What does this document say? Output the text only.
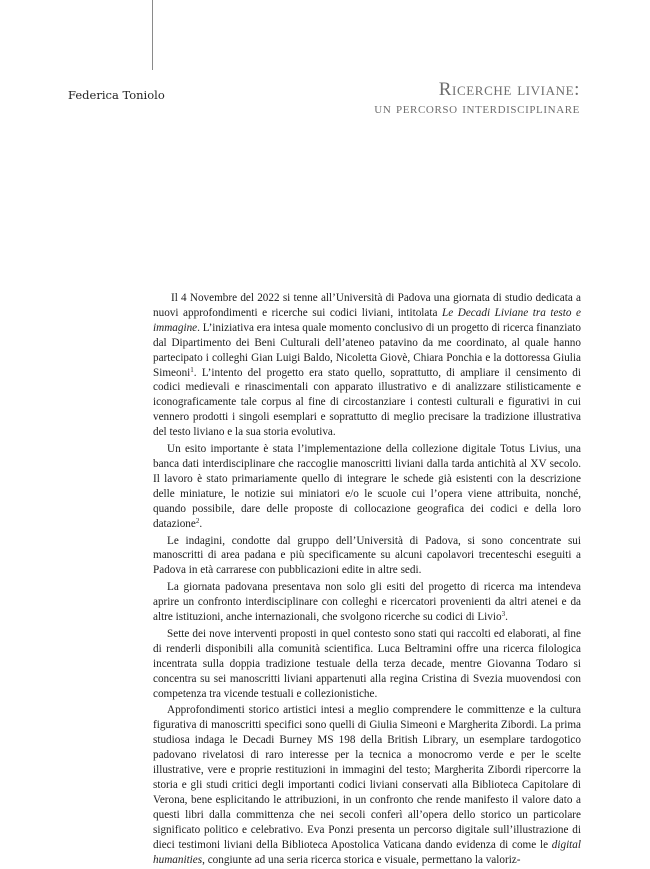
Federica Toniolo	Ricerche liviane:
un percorso interdisciplinare

Il 4 Novembre del 2022 si tenne all’Università di Padova una giornata di studio dedicata a nuovi approfondimenti e ricerche sui codici liviani, intitolata Le Decadi Liviane tra testo e immagine. L’iniziativa era intesa quale momento conclusivo di un progetto di ricerca finanziato dal Dipartimento dei Beni Culturali dell’ateneo patavino da me coordinato, al quale hanno partecipato i colleghi Gian Luigi Baldo, Nicoletta Giovè, Chiara Ponchia e la dottoressa Giulia Simeoni$^1$. L’intento del progetto era stato quello, soprattutto, di ampliare il censimento di codici medievali e rinascimentali con apparato illustrativo e di analizzare stilisticamente e iconograficamente tale corpus al fine di circostanziare i contesti culturali e figurativi in cui vennero prodotti i singoli esemplari e soprattutto di meglio precisare la tradizione illustrativa del testo liviano e la sua storia evolutiva.

Un esito importante è stata l’implementazione della collezione digitale Totus Livius, una banca dati interdisciplinare che raccoglie manoscritti liviani dalla tarda antichità al XV secolo. Il lavoro è stato primariamente quello di integrare le schede già esistenti con la descrizione delle miniature, le notizie sui miniatori e/o le scuole cui l’opera viene attribuita, nonché, quando possibile, dare delle proposte di collocazione geografica dei codici e della loro datazione$^2$.

Le indagini, condotte dal gruppo dell’Università di Padova, si sono concentrate sui manoscritti di area padana e più specificamente su alcuni capolavori trecenteschi eseguiti a Padova in età carrarese con pubblicazioni edite in altre sedi.

La giornata padovana presentava non solo gli esiti del progetto di ricerca ma intendeva aprire un confronto interdisciplinare con colleghi e ricercatori provenienti da altri atenei e da altre istituzioni, anche internazionali, che svolgono ricerche su codici di Livio$^3$.

Sette dei nove interventi proposti in quel contesto sono stati qui raccolti ed elaborati, al fine di renderli disponibili alla comunità scientifica. Luca Beltramini offre una ricerca filologica incentrata sulla doppia tradizione testuale della terza decade, mentre Giovanna Todaro si concentra su sei manoscritti liviani appartenuti alla regina Cristina di Svezia muovendosi con competenza tra vicende testuali e collezionistiche.

Approfondimenti storico artistici intesi a meglio comprendere le committenze e la cultura figurativa di manoscritti specifici sono quelli di Giulia Simeoni e Margherita Zibordi. La prima studiosa indaga le Decadi Burney MS 198 della British Library, un esemplare tardogotico padovano rivelatosi di raro interesse per la tecnica a monocromo verde e per le scelte illustrative, vere e proprie restituzioni in immagini del testo; Margherita Zibordi ripercorre la storia e gli studi critici degli importanti codici liviani conservati alla Biblioteca Capitolare di Verona, bene esplicitando le attribuzioni, in un confronto che rende manifesto il valore dato a questi libri dalla committenza che nei secoli conferì all’opera dello storico un particolare significato politico e celebrativo. Eva Ponzi presenta un percorso digitale sull’illustrazione di dieci testimoni liviani della Biblioteca Apostolica Vaticana dando evidenza di come le digital humanities, congiunte ad una seria ricerca storica e visuale, permettano la valoriz-
